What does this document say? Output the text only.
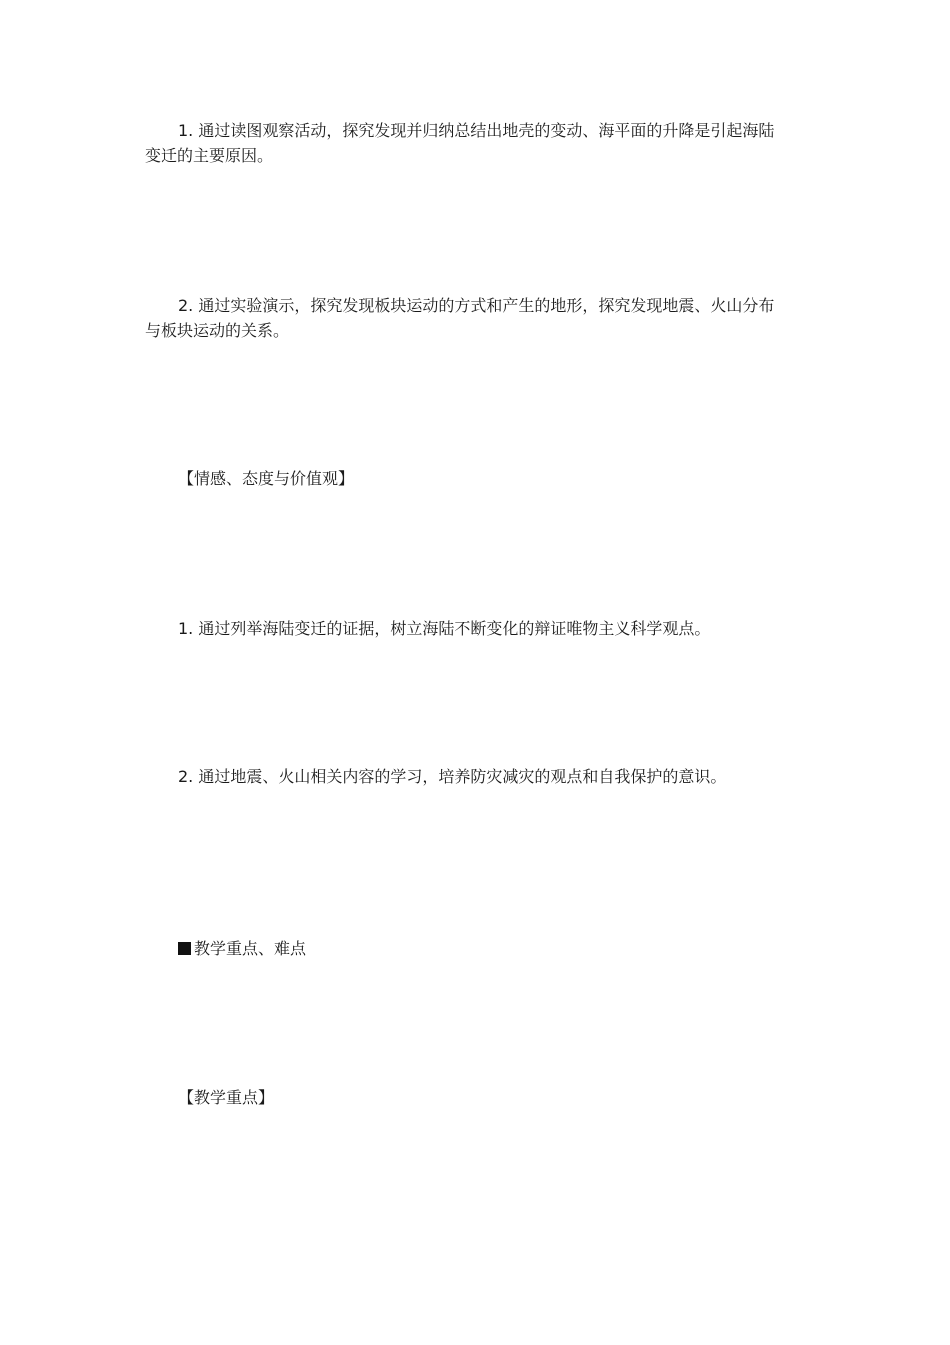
1. 通过读图观察活动，探究发现并归纳总结出地壳的变动、海平面的升降是引起海陆变迁的主要原因。

2. 通过实验演示，探究发现板块运动的方式和产生的地形，探究发现地震、火山分布与板块运动的关系。

【情感、态度与价值观】

1. 通过列举海陆变迁的证据，树立海陆不断变化的辩证唯物主义科学观点。

2. 通过地震、火山相关内容的学习，培养防灾减灾的观点和自我保护的意识。

教学重点、难点

【教学重点】
